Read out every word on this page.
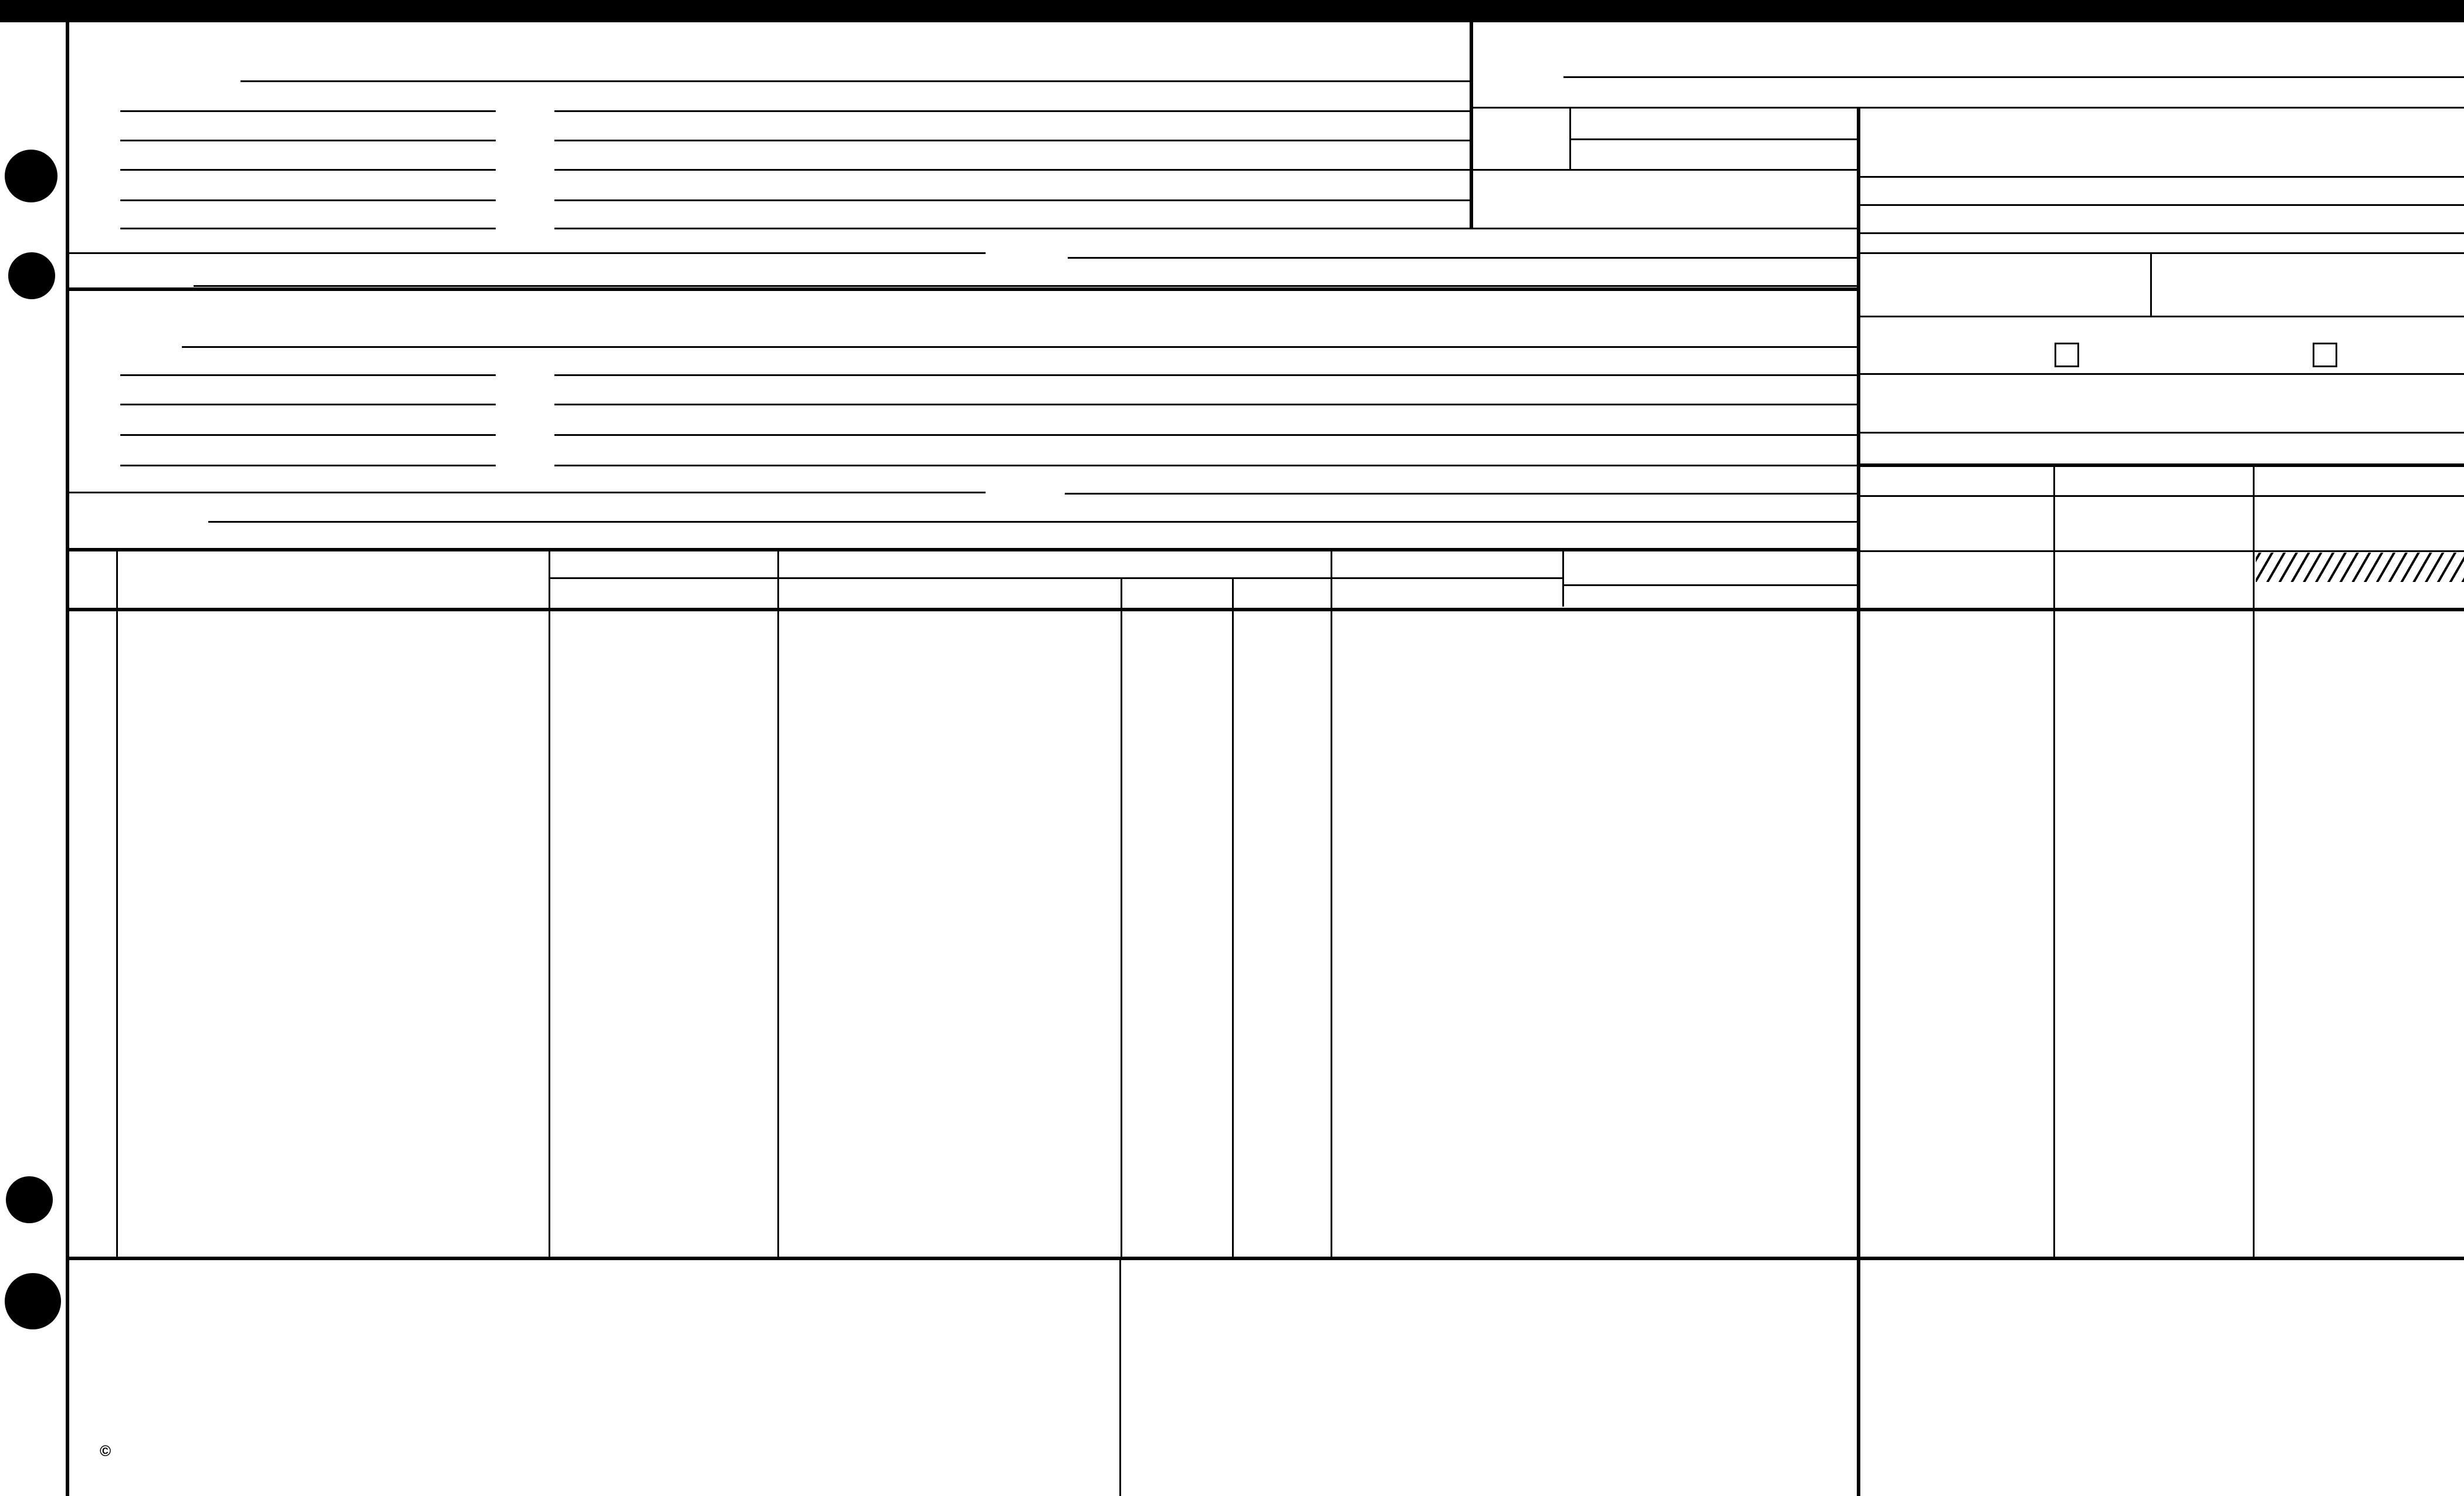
©
